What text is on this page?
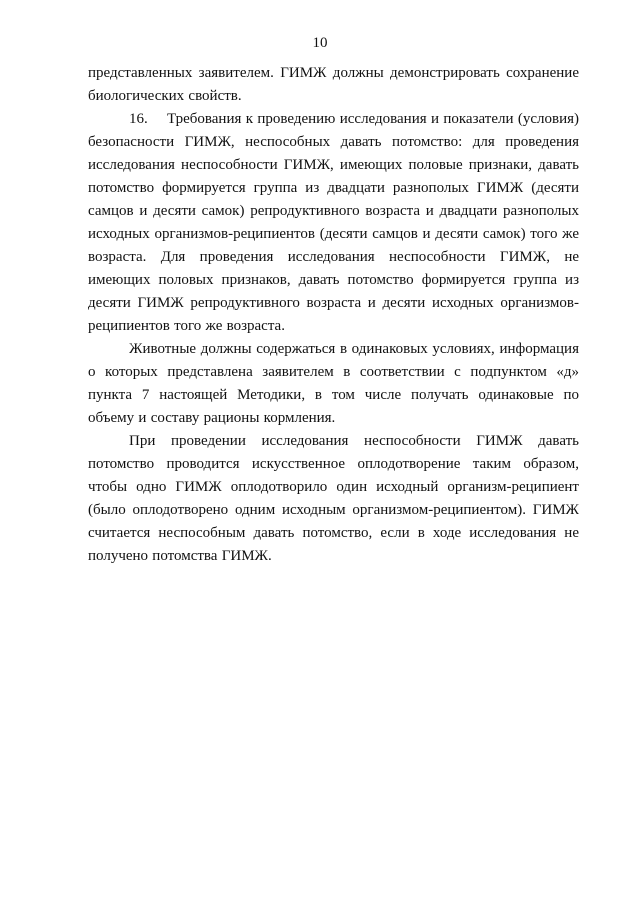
10

представленных заявителем. ГИМЖ должны демонстрировать сохранение биологических свойств.

16. Требования к проведению исследования и показатели (условия) безопасности ГИМЖ, неспособных давать потомство: для проведения исследования неспособности ГИМЖ, имеющих половые признаки, давать потомство формируется группа из двадцати разнополых ГИМЖ (десяти самцов и десяти самок) репродуктивного возраста и двадцати разнополых исходных организмов-реципиентов (десяти самцов и десяти самок) того же возраста. Для проведения исследования неспособности ГИМЖ, не имеющих половых признаков, давать потомство формируется группа из десяти ГИМЖ репродуктивного возраста и десяти исходных организмов-реципиентов того же возраста.

Животные должны содержаться в одинаковых условиях, информация о которых представлена заявителем в соответствии с подпунктом «д» пункта 7 настоящей Методики, в том числе получать одинаковые по объему и составу рационы кормления.

При проведении исследования неспособности ГИМЖ давать потомство проводится искусственное оплодотворение таким образом, чтобы одно ГИМЖ оплодотворило один исходный организм-реципиент (было оплодотворено одним исходным организмом-реципиентом). ГИМЖ считается неспособным давать потомство, если в ходе исследования не получено потомства ГИМЖ.
